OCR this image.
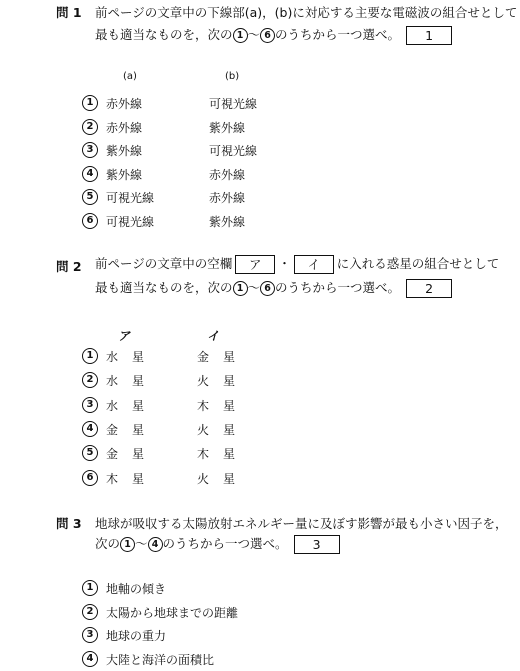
問 1 前ページの文章中の下線部(a)，(b)に対応する主要な電磁波の組合せとして
最も適当なものを，次の 1 〜 6 のうちから一つ選べ。 1
(a)	(b)
1	赤外線	可視光線
2	赤外線	紫外線
3	紫外線	可視光線
4	紫外線	赤外線
5	可視光線	赤外線
6	可視光線	紫外線
問 2 前ページの文章中の空欄 ア ・ イ に入れる惑星の組合せとして
最も適当なものを，次の 1 〜 6 のうちから一つ選べ。 2
ア	イ
1	水星	金星
2	水星	火星
3	水星	木星
4	金星	火星
5	金星	木星
6	木星	火星
問 3 地球が吸収する太陽放射エネルギー量に及ぼす影響が最も小さい因子を，
次の 1 〜 4 のうちから一つ選べ。 3
1	地軸の傾き
2	太陽から地球までの距離
3	地球の重力
4	大陸と海洋の面積比
